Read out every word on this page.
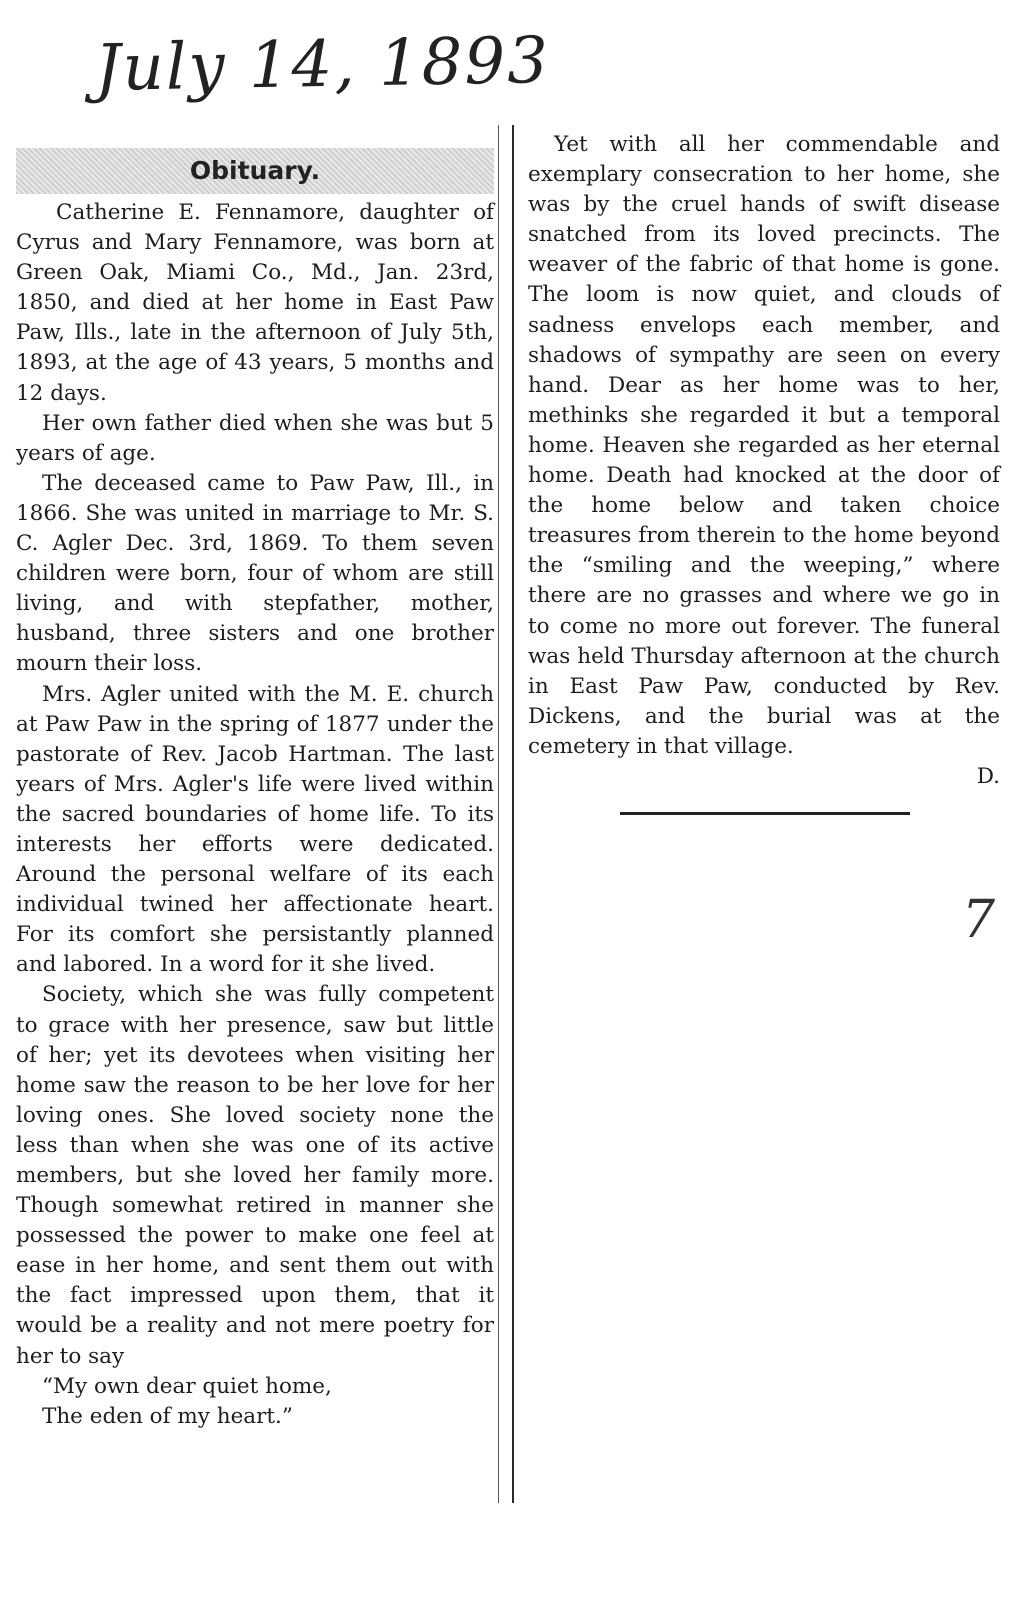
July 14, 1893
Obituary.

Catherine E. Fennamore, daughter of Cyrus and Mary Fennamore, was born at Green Oak, Miami Co., Md., Jan. 23rd, 1850, and died at her home in East Paw Paw, Ills., late in the afternoon of July 5th, 1893, at the age of 43 years, 5 months and 12 days.

Her own father died when she was but 5 years of age.

The deceased came to Paw Paw, Ill., in 1866. She was united in marriage to Mr. S. C. Agler Dec. 3rd, 1869. To them seven children were born, four of whom are still living, and with stepfather, mother, husband, three sisters and one brother mourn their loss.

Mrs. Agler united with the M. E. church at Paw Paw in the spring of 1877 under the pastorate of Rev. Jacob Hartman. The last years of Mrs. Agler's life were lived within the sacred boundaries of home life. To its interests her efforts were dedicated. Around the personal welfare of its each individual twined her affectionate heart. For its comfort she persistantly planned and labored. In a word for it she lived.

Society, which she was fully competent to grace with her presence, saw but little of her; yet its devotees when visiting her home saw the reason to be her love for her loving ones. She loved society none the less than when she was one of its active members, but she loved her family more. Though somewhat retired in manner she possessed the power to make one feel at ease in her home, and sent them out with the fact impressed upon them, that it would be a reality and not mere poetry for her to say

“My own dear quiet home,

The eden of my heart.”

Yet with all her commendable and exemplary consecration to her home, she was by the cruel hands of swift disease snatched from its loved precincts. The weaver of the fabric of that home is gone. The loom is now quiet, and clouds of sadness envelops each member, and shadows of sympathy are seen on every hand. Dear as her home was to her, methinks she regarded it but a temporal home. Heaven she regarded as her eternal home. Death had knocked at the door of the home below and taken choice treasures from therein to the home beyond the “smiling and the weeping,” where there are no grasses and where we go in to come no more out forever. The funeral was held Thursday afternoon at the church in East Paw Paw, conducted by Rev. Dickens, and the burial was at the cemetery in that village.

D.

7
